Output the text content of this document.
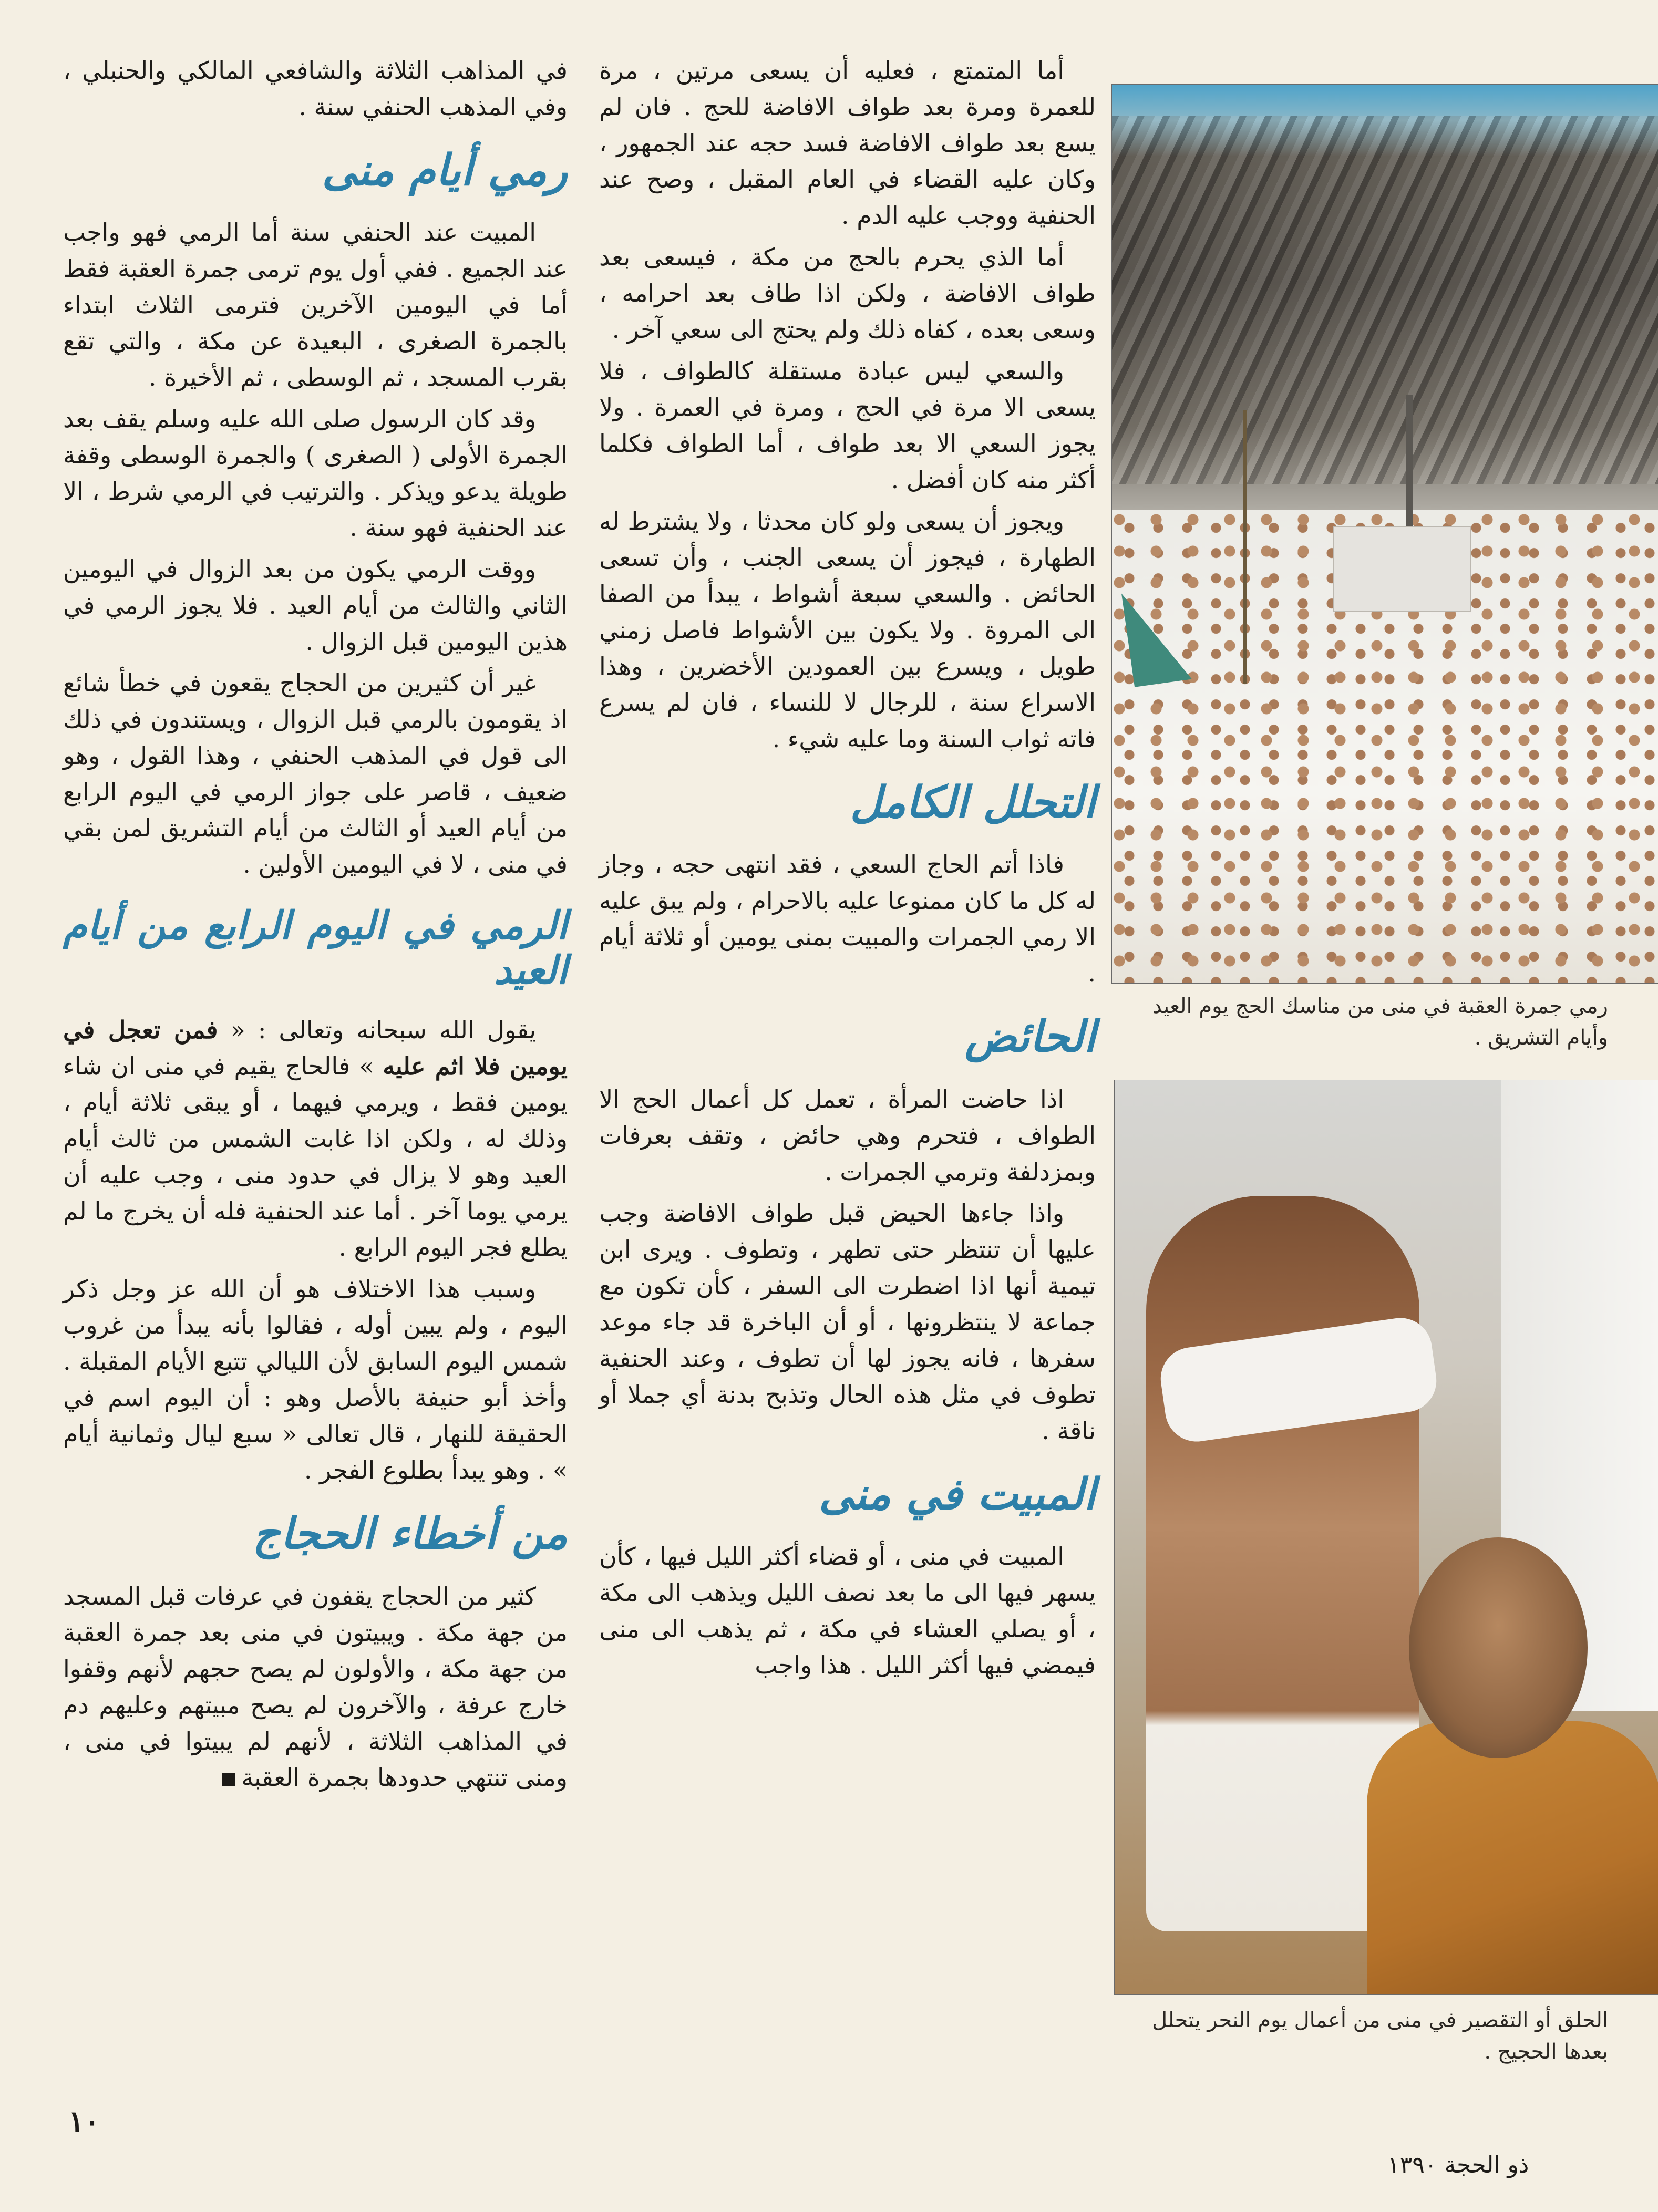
في المذاهب الثلاثة والشافعي المالكي والحنبلي ، وفي المذهب الحنفي سنة .

رمي أيام منى

المبيت عند الحنفي سنة أما الرمي فهو واجب عند الجميع . ففي أول يوم ترمى جمرة العقبة فقط أما في اليومين الآخرين فترمى الثلاث ابتداء بالجمرة الصغرى ، البعيدة عن مكة ، والتي تقع بقرب المسجد ، ثم الوسطى ، ثم الأخيرة .

وقد كان الرسول صلى الله عليه وسلم يقف بعد الجمرة الأولى ( الصغرى ) والجمرة الوسطى وقفة طويلة يدعو ويذكر . والترتيب في الرمي شرط ، الا عند الحنفية فهو سنة .

ووقت الرمي يكون من بعد الزوال في اليومين الثاني والثالث من أيام العيد . فلا يجوز الرمي في هذين اليومين قبل الزوال .

غير أن كثيرين من الحجاج يقعون في خطأ شائع اذ يقومون بالرمي قبل الزوال ، ويستندون في ذلك الى قول في المذهب الحنفي ، وهذا القول ، وهو ضعيف ، قاصر على جواز الرمي في اليوم الرابع من أيام العيد أو الثالث من أيام التشريق لمن بقي في منى ، لا في اليومين الأولين .

الرمي في اليوم الرابع من أيام العيد

يقول الله سبحانه وتعالى : « فمن تعجل في يومين فلا اثم عليه » فالحاج يقيم في منى ان شاء يومين فقط ، ويرمي فيهما ، أو يبقى ثلاثة أيام ، وذلك له ، ولكن اذا غابت الشمس من ثالث أيام العيد وهو لا يزال في حدود منى ، وجب عليه أن يرمي يوما آخر . أما عند الحنفية فله أن يخرج ما لم يطلع فجر اليوم الرابع .

وسبب هذا الاختلاف هو أن الله عز وجل ذكر اليوم ، ولم يبين أوله ، فقالوا بأنه يبدأ من غروب شمس اليوم السابق لأن الليالي تتبع الأيام المقبلة . وأخذ أبو حنيفة بالأصل وهو : أن اليوم اسم في الحقيقة للنهار ، قال تعالى « سبع ليال وثمانية أيام » . وهو يبدأ بطلوع الفجر .

من أخطاء الحجاج

كثير من الحجاج يقفون في عرفات قبل المسجد من جهة مكة . ويبيتون في منى بعد جمرة العقبة من جهة مكة ، والأولون لم يصح حجهم لأنهم وقفوا خارج عرفة ، والآخرون لم يصح مبيتهم وعليهم دم في المذاهب الثلاثة ، لأنهم لم يبيتوا في منى ، ومنى تنتهي حدودها بجمرة العقبة

أما المتمتع ، فعليه أن يسعى مرتين ، مرة للعمرة ومرة بعد طواف الافاضة للحج . فان لم يسع بعد طواف الافاضة فسد حجه عند الجمهور ، وكان عليه القضاء في العام المقبل ، وصح عند الحنفية ووجب عليه الدم .

أما الذي يحرم بالحج من مكة ، فيسعى بعد طواف الافاضة ، ولكن اذا طاف بعد احرامه ، وسعى بعده ، كفاه ذلك ولم يحتج الى سعي آخر .

والسعي ليس عبادة مستقلة كالطواف ، فلا يسعى الا مرة في الحج ، ومرة في العمرة . ولا يجوز السعي الا بعد طواف ، أما الطواف فكلما أكثر منه كان أفضل .

ويجوز أن يسعى ولو كان محدثا ، ولا يشترط له الطهارة ، فيجوز أن يسعى الجنب ، وأن تسعى الحائض . والسعي سبعة أشواط ، يبدأ من الصفا الى المروة . ولا يكون بين الأشواط فاصل زمني طويل ، ويسرع بين العمودين الأخضرين ، وهذا الاسراع سنة ، للرجال لا للنساء ، فان لم يسرع فاته ثواب السنة وما عليه شيء .

التحلل الكامل

فاذا أتم الحاج السعي ، فقد انتهى حجه ، وجاز له كل ما كان ممنوعا عليه بالاحرام ، ولم يبق عليه الا رمي الجمرات والمبيت بمنى يومين أو ثلاثة أيام .

الحائض

اذا حاضت المرأة ، تعمل كل أعمال الحج الا الطواف ، فتحرم وهي حائض ، وتقف بعرفات وبمزدلفة وترمي الجمرات .

واذا جاءها الحيض قبل طواف الافاضة وجب عليها أن تنتظر حتى تطهر ، وتطوف . ويرى ابن تيمية أنها اذا اضطرت الى السفر ، كأن تكون مع جماعة لا ينتظرونها ، أو أن الباخرة قد جاء موعد سفرها ، فانه يجوز لها أن تطوف ، وعند الحنفية تطوف في مثل هذه الحال وتذبح بدنة أي جملا أو ناقة .

المبيت في منى

المبيت في منى ، أو قضاء أكثر الليل فيها ، كأن يسهر فيها الى ما بعد نصف الليل ويذهب الى مكة ، أو يصلي العشاء في مكة ، ثم يذهب الى منى فيمضي فيها أكثر الليل . هذا واجب

رمي جمرة العقبة في منى من مناسك الحج يوم العيد وأيام التشريق .
الحلق أو التقصير في منى من أعمال يوم النحر يتحلل بعدها الحجيج .
١٠
ذو الحجة ١٣٩٠
